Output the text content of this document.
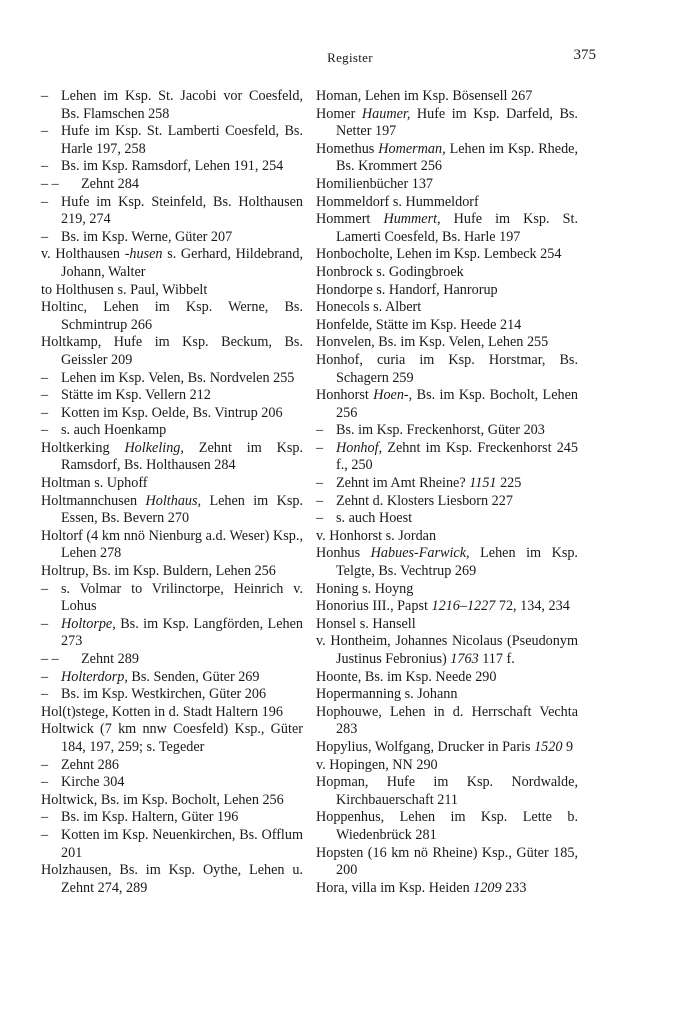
Register	375

– Lehen im Ksp. St. Jacobi vor Coesfeld, Bs. Flamschen 258

– Hufe im Ksp. St. Lamberti Coesfeld, Bs. Harle 197, 258

– Bs. im Ksp. Ramsdorf, Lehen 191, 254

– – Zehnt 284

– Hufe im Ksp. Steinfeld, Bs. Holthausen 219, 274

– Bs. im Ksp. Werne, Güter 207

v. Holthausen -husen s. Gerhard, Hildebrand, Johann, Walter

to Holthusen s. Paul, Wibbelt

Holtinc, Lehen im Ksp. Werne, Bs. Schmintrup 266

Holtkamp, Hufe im Ksp. Beckum, Bs. Geissler 209

– Lehen im Ksp. Velen, Bs. Nordvelen 255

– Stätte im Ksp. Vellern 212

– Kotten im Ksp. Oelde, Bs. Vintrup 206

– s. auch Hoenkamp

Holtkerking Holkeling, Zehnt im Ksp. Ramsdorf, Bs. Holthausen 284

Holtman s. Uphoff

Holtmannchusen Holthaus, Lehen im Ksp. Essen, Bs. Bevern 270

Holtorf (4 km nnö Nienburg a.d. Weser) Ksp., Lehen 278

Holtrup, Bs. im Ksp. Buldern, Lehen 256

– s. Volmar to Vrilinctorpe, Heinrich v. Lohus

– Holtorpe, Bs. im Ksp. Langförden, Lehen 273

– – Zehnt 289

– Holterdorp, Bs. Senden, Güter 269

– Bs. im Ksp. Westkirchen, Güter 206

Hol(t)stege, Kotten in d. Stadt Haltern 196

Holtwick (7 km nnw Coesfeld) Ksp., Güter 184, 197, 259; s. Tegeder

– Zehnt 286

– Kirche 304

Holtwick, Bs. im Ksp. Bocholt, Lehen 256

– Bs. im Ksp. Haltern, Güter 196

– Kotten im Ksp. Neuenkirchen, Bs. Offlum 201

Holzhausen, Bs. im Ksp. Oythe, Lehen u. Zehnt 274, 289

Homan, Lehen im Ksp. Bösensell 267

Homer Haumer, Hufe im Ksp. Darfeld, Bs. Netter 197

Homethus Homerman, Lehen im Ksp. Rhede, Bs. Krommert 256

Homilienbücher 137

Hommeldorf s. Hummeldorf

Hommert Hummert, Hufe im Ksp. St. Lamerti Coesfeld, Bs. Harle 197

Honbocholte, Lehen im Ksp. Lembeck 254

Honbrock s. Godingbroek

Hondorpe s. Handorf, Hanrorup

Honecols s. Albert

Honfelde, Stätte im Ksp. Heede 214

Honvelen, Bs. im Ksp. Velen, Lehen 255

Honhof, curia im Ksp. Horstmar, Bs. Schagern 259

Honhorst Hoen-, Bs. im Ksp. Bocholt, Lehen 256

– Bs. im Ksp. Freckenhorst, Güter 203

– Honhof, Zehnt im Ksp. Freckenhorst 245 f., 250

– Zehnt im Amt Rheine? 1151 225

– Zehnt d. Klosters Liesborn 227

– s. auch Hoest

v. Honhorst s. Jordan

Honhus Habues-Farwick, Lehen im Ksp. Telgte, Bs. Vechtrup 269

Honing s. Hoyng

Honorius III., Papst 1216–1227 72, 134, 234

Honsel s. Hansell

v. Hontheim, Johannes Nicolaus (Pseudonym Justinus Febronius) 1763 117 f.

Hoonte, Bs. im Ksp. Neede 290

Hopermanning s. Johann

Hophouwe, Lehen in d. Herrschaft Vechta 283

Hopylius, Wolfgang, Drucker in Paris 1520 9

v. Hopingen, NN 290

Hopman, Hufe im Ksp. Nordwalde, Kirchbauerschaft 211

Hoppenhus, Lehen im Ksp. Lette b. Wiedenbrück 281

Hopsten (16 km nö Rheine) Ksp., Güter 185, 200

Hora, villa im Ksp. Heiden 1209 233
